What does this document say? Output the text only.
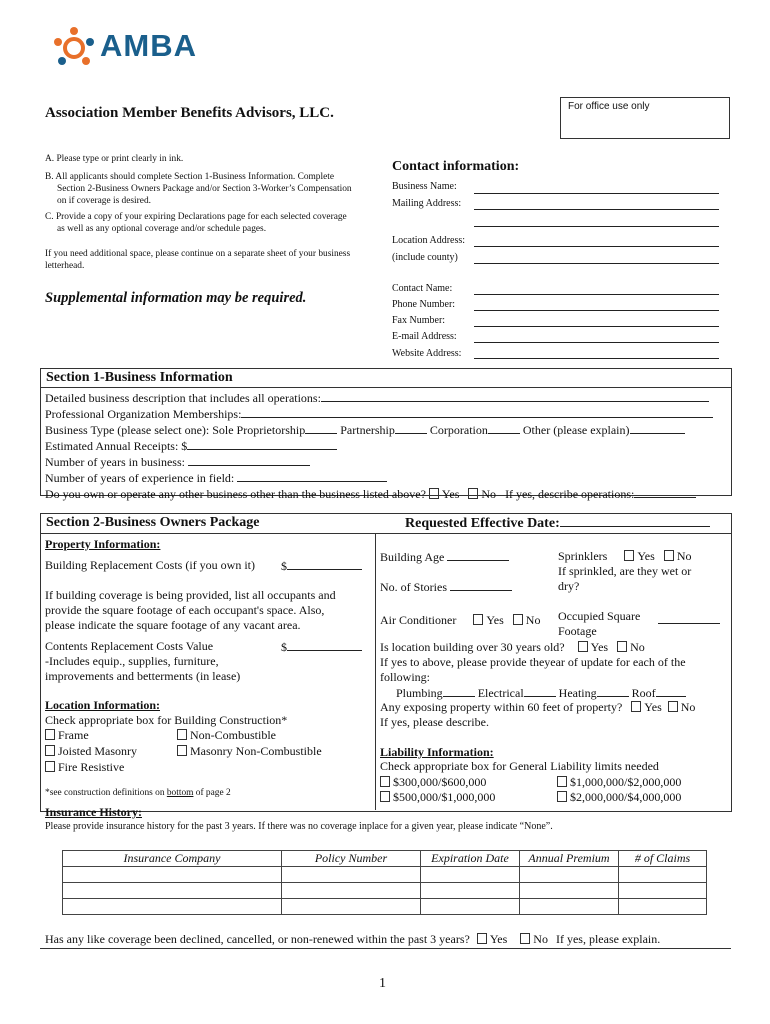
AMBA
Association Member Benefits Advisors, LLC.	For office use only
A. Please type or print clearly in ink.
B. All applicants should complete Section 1-Business Information. Complete
Section 2-Business Owners Package and/or Section 3-Worker’s Compensation
on if coverage is desired.
C. Provide a copy of your expiring Declarations page for each selected coverage
as well as any optional coverage and/or schedule pages.
If you need additional space, please continue on a separate sheet of your business
letterhead.
Supplemental information may be required.
Contact information:
Business Name:
Mailing Address:
Location Address:
(include county)
Contact Name:
Phone Number:
Fax Number:
E-mail Address:
Website Address:
Section 1-Business Information
Detailed business description that includes all operations:
Professional Organization Memberships:
Business Type (please select one): Sole Proprietorship	Partnership	Corporation	Other (please explain)
Estimated Annual Receipts: $
Number of years in business:
Number of years of experience in field:
Do you own or operate any other business other than the business listed above? Yes No If yes, describe operations:
Section 2-Business Owners Package	Requested Effective Date:
Property Information:
Building Replacement Costs (if you own it) $
If building coverage is being provided, list all occupants and
provide the square footage of each occupant's space. Also,
please indicate the square footage of any vacant area.
Contents Replacement Costs Value
-Includes equip., supplies, furniture,
improvements and betterments (in lease)
$
Location Information:
Check appropriate box for Building Construction*
Frame	Non-Combustible
Joisted Masonry	Masonry Non-Combustible
Fire Resistive
*see construction definitions on bottom of page 2
Building Age	Sprinklers	Yes No
If sprinkled, are they wet or
dry?
No. of Stories
Air Conditioner	Yes No Occupied Square
Footage
Is location building over 30 years old? Yes No
If yes to above, please provide theyear of update for each of the
following:
Plumbing	Electrical	Heating	Roof
Any exposing property within 60 feet of property? Yes No
If yes, please describe.
Liability Information:
Check appropriate box for General Liability limits needed
$300,000/$600,000	$1,000,000/$2,000,000
$500,000/$1,000,000	$2,000,000/$4,000,000
Insurance History:
Please provide insurance history for the past 3 years. If there was no coverage inplace for a given year, please indicate “None”.
Insurance Company	Policy Number	Expiration Date	Annual Premium	# of Claims

Has any like coverage been declined, cancelled, or non-renewed within the past 3 years? Yes No If yes, please explain.
1
